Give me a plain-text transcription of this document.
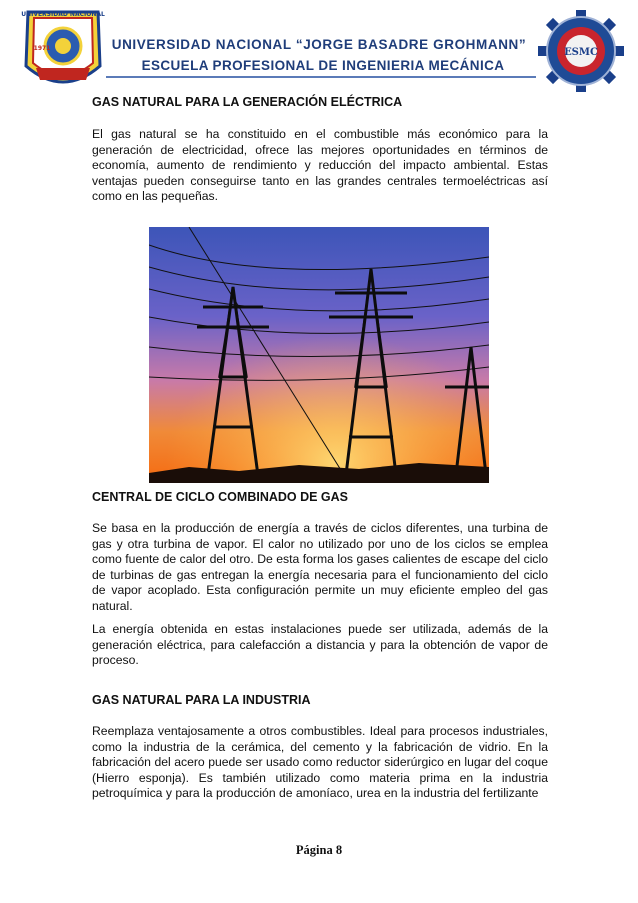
UNIVERSIDAD NACIONAL
1971	ESMC
UNIVERSIDAD NACIONAL “JORGE BASADRE GROHMANN”
ESCUELA PROFESIONAL DE INGENIERIA MECÁNICA
GAS NATURAL PARA LA GENERACIÓN ELÉCTRICA

El gas natural se ha constituido en el combustible más económico para la generación de electricidad, ofrece las mejores oportunidades en términos de economía, aumento de rendimiento y reducción del impacto ambiental. Estas ventajas pueden conseguirse tanto en las grandes centrales termoeléctricas así como en las pequeñas.

CENTRAL DE CICLO COMBINADO DE GAS

Se basa en la producción de energía a través de ciclos diferentes, una turbina de gas y otra turbina de vapor. El calor no utilizado por uno de los ciclos se emplea como fuente de calor del otro. De esta forma los gases calientes de escape del ciclo de turbinas de gas entregan la energía necesaria para el funcionamiento del ciclo de vapor acoplado. Esta configuración permite un muy eficiente empleo del gas natural.

La energía obtenida en estas instalaciones puede ser utilizada, además de la generación eléctrica, para calefacción a distancia y para la obtención de vapor de proceso.

GAS NATURAL PARA LA INDUSTRIA

Reemplaza ventajosamente a otros combustibles. Ideal para procesos industriales, como la industria de la cerámica, del cemento y la fabricación de vidrio. En la fabricación del acero puede ser usado como reductor siderúrgico en lugar del coque (Hierro esponja). Es también utilizado como materia prima en la industria petroquímica y para la producción de amoníaco, urea en la industria del fertilizante

Página 8
